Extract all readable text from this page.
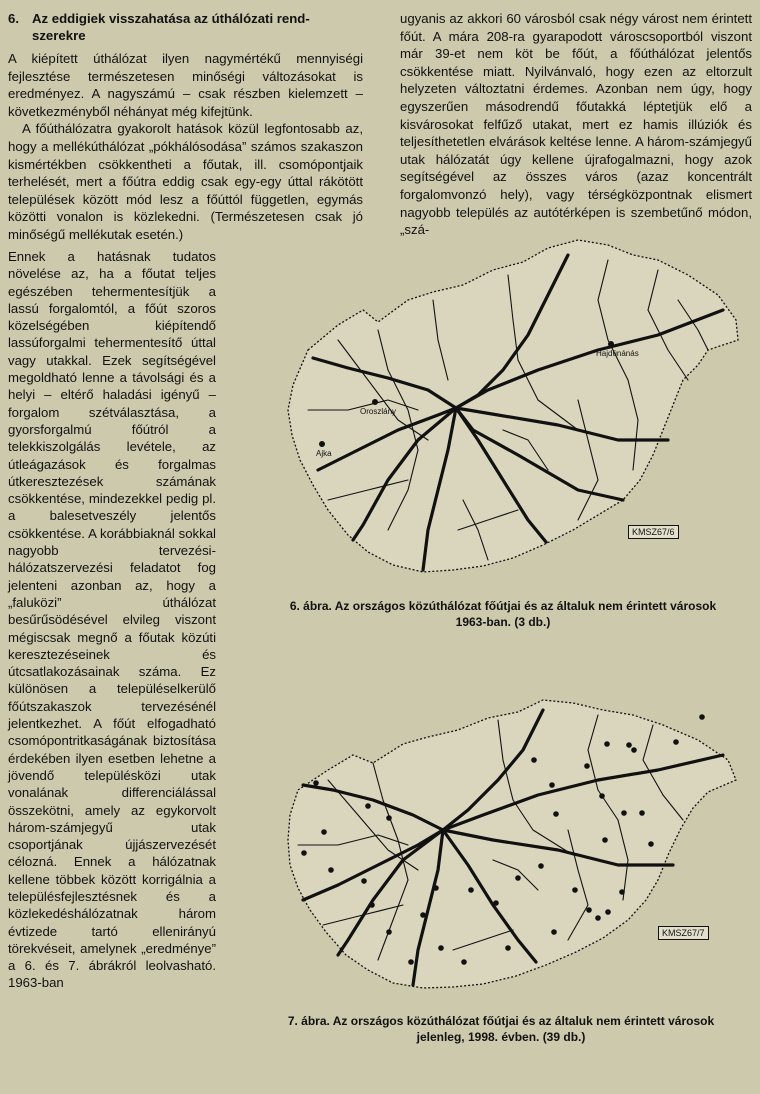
6. Az eddigiek visszahatása az úthálózati rend-
szerekre

A kiépített úthálózat ilyen nagymértékű mennyiségi fejlesztése természetesen minőségi változásokat is eredményez. A nagyszámú – csak részben kielemzett – következményből néhányat még kifejtünk.

A főúthálózatra gyakorolt hatások közül legfontosabb az, hogy a mellékúthálózat „pókhálósodása” számos szakaszon kismértékben csökkentheti a főutak, ill. csomópontjaik terhelését, mert a főútra eddig csak egy-egy úttal rákötött települések között mód lesz a főúttól független, egymás közötti vonalon is közlekedni. (Természetesen csak jó minőségű mellékutak esetén.)

Ennek a hatásnak tudatos növelése az, ha a főutat teljes egészében tehermentesítjük a lassú forgalomtól, a főút szoros közelségében kiépítendő lassúforgalmi tehermentesítő úttal vagy utakkal. Ezek segítségével megoldható lenne a távolsági és a helyi – eltérő haladási igényű – forgalom szétválasztása, a gyorsforgalmú főútról a telekkiszolgálás levétele, az útleágazások és forgalmas útkeresztezések számának csökkentése, mindezekkel pedig pl. a balesetveszély jelentős csökkentése. A korábbiaknál sokkal nagyobb tervezési-hálózatszervezési feladatot fog jelenteni azonban az, hogy a „faluközi” úthálózat besűrűsödésével elvileg viszont mégiscsak megnő a főutak közúti keresztezéseinek és útcsatlakozásainak száma. Ez különösen a településelkerülő főútszakaszok tervezésénél jelentkezhet. A főút elfogadható csomópontritkaságának biztosítása érdekében ilyen esetben lehetne a jövendő településközi utak vonalának differenciálással összekötni, amely az egykorvolt három-számjegyű utak csoportjának újjászervezését célozná. Ennek a hálózatnak kellene többek között korrigálnia a településfejlesztésnek és a közlekedéshálózatnak három évtizede tartó ellenirányú törekvéseit, amelynek „eredménye” a 6. és 7. ábrákról leolvasható. 1963-ban
ugyanis az akkori 60 városból csak négy várost nem érintett főút. A mára 208-ra gyarapodott városcsoportból viszont már 39-et nem köt be főút, a főúthálózat jelentős csökkentése miatt. Nyilvánvaló, hogy ezen az eltorzult helyzeten változtatni érdemes. Azonban nem úgy, hogy egyszerűen másodrendű főutakká léptetjük elő a kisvárosokat felfűző utakat, mert ez hamis illúziók és teljesíthetetlen elvárások keltése lenne. A három-számjegyű utak hálózatát úgy kellene újrafogalmazni, hogy azok segítségével az összes város (azaz koncentrált forgalomvonzó hely), vagy térségközpontnak elismert nagyobb település az autótérképen is szembetűnő módon, „szá-
Hajdúnánás
Oroszlány
Ajka
KMSZ67/6
6. ábra. Az országos közúthálózat főútjai és az általuk nem érintett városok
1963-ban. (3 db.)
KMSZ67/7
7. ábra. Az országos közúthálózat főútjai és az általuk nem érintett városok
jelenleg, 1998. évben. (39 db.)
